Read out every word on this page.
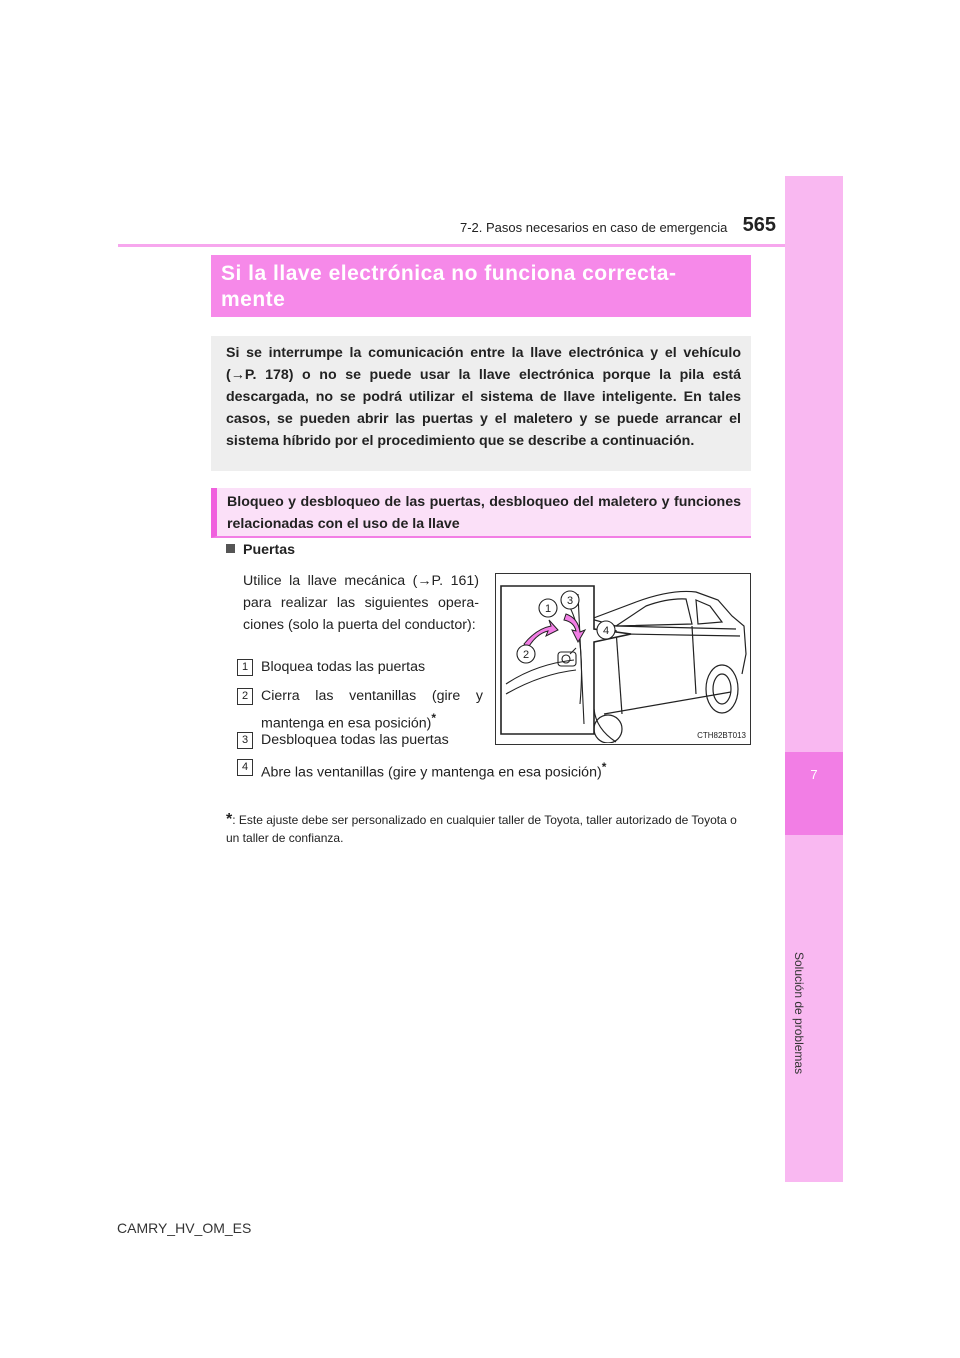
7
Solución de problemas
7-2. Pasos necesarios en caso de emergencia 565
Si la llave electrónica no funciona correcta-
mente
Si se interrumpe la comunicación entre la llave electrónica y el vehículo (→P. 178) o no se puede usar la llave electrónica porque la pila está descargada, no se podrá utilizar el sistema de llave inteligente. En tales casos, se pueden abrir las puertas y el maletero y se puede arrancar el sistema híbrido por el procedimiento que se describe a continuación.
Bloqueo y desbloqueo de las puertas, desbloqueo del maletero y funciones relacionadas con el uso de la llave
Puertas
Utilice la llave mecánica (→P. 161) para realizar las siguientes operaciones (solo la puerta del conductor):
1 Bloquea todas las puertas
2 Cierra las ventanillas (gire y mantenga en esa posición)*
3 Desbloquea todas las puertas
4 Abre las ventanillas (gire y mantenga en esa posición)*
*: Este ajuste debe ser personalizado en cualquier taller de Toyota, taller autorizado de Toyota o un taller de confianza.
1
2
3
4
CTH82BT013
CAMRY_HV_OM_ES
